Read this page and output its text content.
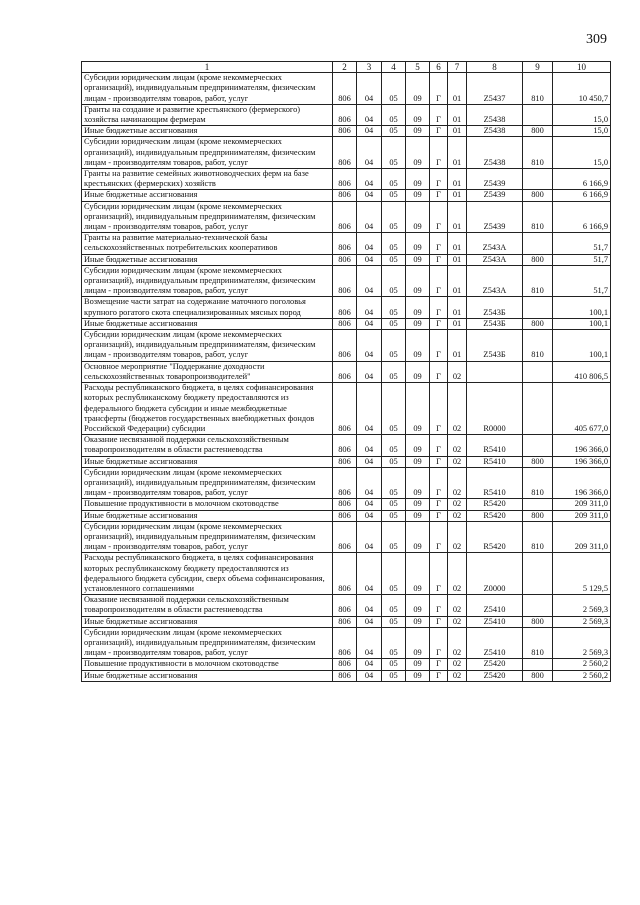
309
1	2	3	4	5	6	7	8	9	10
Субсидии юридическим лицам (кроме некоммерческих организаций), индивидуальным предпринимателям, физическим лицам - производителям товаров, работ, услуг	806	04	05	09	Г	01	Z5437	810	10 450,7
Гранты на создание и развитие крестьянского (фермерского) хозяйства начинающим фермерам	806	04	05	09	Г	01	Z5438		15,0
Иные бюджетные ассигнования	806	04	05	09	Г	01	Z5438	800	15,0
Субсидии юридическим лицам (кроме некоммерческих организаций), индивидуальным предпринимателям, физическим лицам - производителям товаров, работ, услуг	806	04	05	09	Г	01	Z5438	810	15,0
Гранты на развитие семейных животноводческих ферм на базе крестьянских (фермерских) хозяйств	806	04	05	09	Г	01	Z5439		6 166,9
Иные бюджетные ассигнования	806	04	05	09	Г	01	Z5439	800	6 166,9
Субсидии юридическим лицам (кроме некоммерческих организаций), индивидуальным предпринимателям, физическим лицам - производителям товаров, работ, услуг	806	04	05	09	Г	01	Z5439	810	6 166,9
Гранты на развитие материально-технической базы сельскохозяйственных потребительских кооперативов	806	04	05	09	Г	01	Z543А		51,7
Иные бюджетные ассигнования	806	04	05	09	Г	01	Z543А	800	51,7
Субсидии юридическим лицам (кроме некоммерческих организаций), индивидуальным предпринимателям, физическим лицам - производителям товаров, работ, услуг	806	04	05	09	Г	01	Z543А	810	51,7
Возмещение части затрат на содержание маточного поголовья крупного рогатого скота специализированных мясных пород	806	04	05	09	Г	01	Z543Б		100,1
Иные бюджетные ассигнования	806	04	05	09	Г	01	Z543Б	800	100,1
Субсидии юридическим лицам (кроме некоммерческих организаций), индивидуальным предпринимателям, физическим лицам - производителям товаров, работ, услуг	806	04	05	09	Г	01	Z543Б	810	100,1
Основное мероприятие "Поддержание доходности сельскохозяйственных товаропроизводителей"	806	04	05	09	Г	02			410 806,5
Расходы республиканского бюджета, в целях софинансирования которых республиканскому бюджету предоставляются из федерального бюджета субсидии и иные межбюджетные трансферты (бюджетов государственных внебюджетных фондов Российской Федерации) субсидии	806	04	05	09	Г	02	R0000		405 677,0
Оказание несвязанной поддержки сельскохозяйственным товаропроизводителям в области растениеводства	806	04	05	09	Г	02	R5410		196 366,0
Иные бюджетные ассигнования	806	04	05	09	Г	02	R5410	800	196 366,0
Субсидии юридическим лицам (кроме некоммерческих организаций), индивидуальным предпринимателям, физическим лицам - производителям товаров, работ, услуг	806	04	05	09	Г	02	R5410	810	196 366,0
Повышение продуктивности в молочном скотоводстве	806	04	05	09	Г	02	R5420		209 311,0
Иные бюджетные ассигнования	806	04	05	09	Г	02	R5420	800	209 311,0
Субсидии юридическим лицам (кроме некоммерческих организаций), индивидуальным предпринимателям, физическим лицам - производителям товаров, работ, услуг	806	04	05	09	Г	02	R5420	810	209 311,0
Расходы республиканского бюджета, в целях софинансирования которых республиканскому бюджету предоставляются из федерального бюджета субсидии, сверх объема софинансирования, установленного соглашениями	806	04	05	09	Г	02	Z0000		5 129,5
Оказание несвязанной поддержки сельскохозяйственным товаропроизводителям в области растениеводства	806	04	05	09	Г	02	Z5410		2 569,3
Иные бюджетные ассигнования	806	04	05	09	Г	02	Z5410	800	2 569,3
Субсидии юридическим лицам (кроме некоммерческих организаций), индивидуальным предпринимателям, физическим лицам - производителям товаров, работ, услуг	806	04	05	09	Г	02	Z5410	810	2 569,3
Повышение продуктивности в молочном скотоводстве	806	04	05	09	Г	02	Z5420		2 560,2
Иные бюджетные ассигнования	806	04	05	09	Г	02	Z5420	800	2 560,2
